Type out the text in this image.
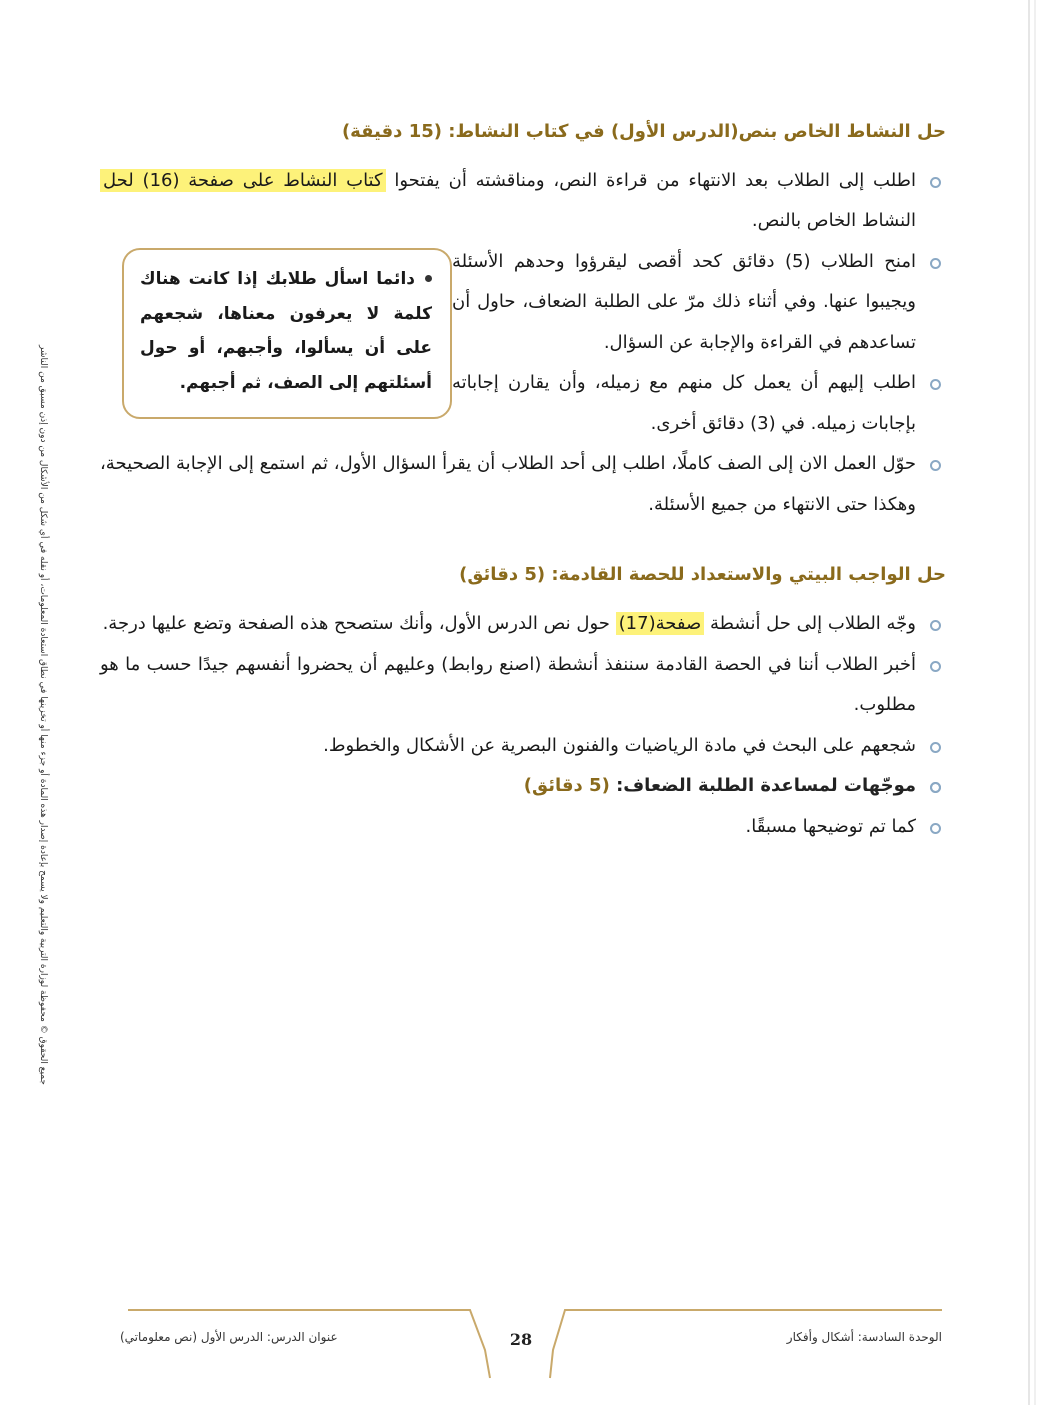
جميع الحقوق © محفوظة لوزارة التربية والتعليم ولا يسمح بإعادة إصدار هذه المادة أو جزء منها أو تخزينها في نطاق استعادة المعلومات، أو نقله في أي شكل من الأشكال من دون إذن مسبق من الناشر
حل النشاط الخاص بنص(الدرس الأول) في كتاب النشاط: (15 دقيقة)
اطلب إلى الطلاب بعد الانتهاء من قراءة النص، ومناقشته أن يفتحوا كتاب النشاط على صفحة (16) لحل النشاط الخاص بالنص.
دائما اسأل طلابك إذا كانت هناك كلمة لا يعرفون معناها، شجعهم على أن يسألوا، وأجبهم، أو حول أسئلتهم إلى الصف، ثم أجبهم.
امنح الطلاب (5) دقائق كحد أقصى ليقرؤوا وحدهم الأسئلة ويجيبوا عنها. وفي أثناء ذلك مرّ على الطلبة الضعاف، حاول أن تساعدهم في القراءة والإجابة عن السؤال.
اطلب إليهم أن يعمل كل منهم مع زميله، وأن يقارن إجاباته بإجابات زميله. في (3) دقائق أخرى.
حوّل العمل الان إلى الصف كاملًا، اطلب إلى أحد الطلاب أن يقرأ السؤال الأول، ثم استمع إلى الإجابة الصحيحة، وهكذا حتى الانتهاء من جميع الأسئلة.
حل الواجب البيتي والاستعداد للحصة القادمة: (5 دقائق)
وجّه الطلاب إلى حل أنشطة صفحة(17) حول نص الدرس الأول، وأنك ستصحح هذه الصفحة وتضع عليها درجة.
أخبر الطلاب أننا في الحصة القادمة سننفذ أنشطة (اصنع روابط) وعليهم أن يحضروا أنفسهم جيدًا حسب ما هو مطلوب.
شجعهم على البحث في مادة الرياضيات والفنون البصرية عن الأشكال والخطوط.
موجّهات لمساعدة الطلبة الضعاف: (5 دقائق)
كما تم توضيحها مسبقًا.
الوحدة السادسة: أشكال وأفكار
28
عنوان الدرس: الدرس الأول (نص معلوماتي)
